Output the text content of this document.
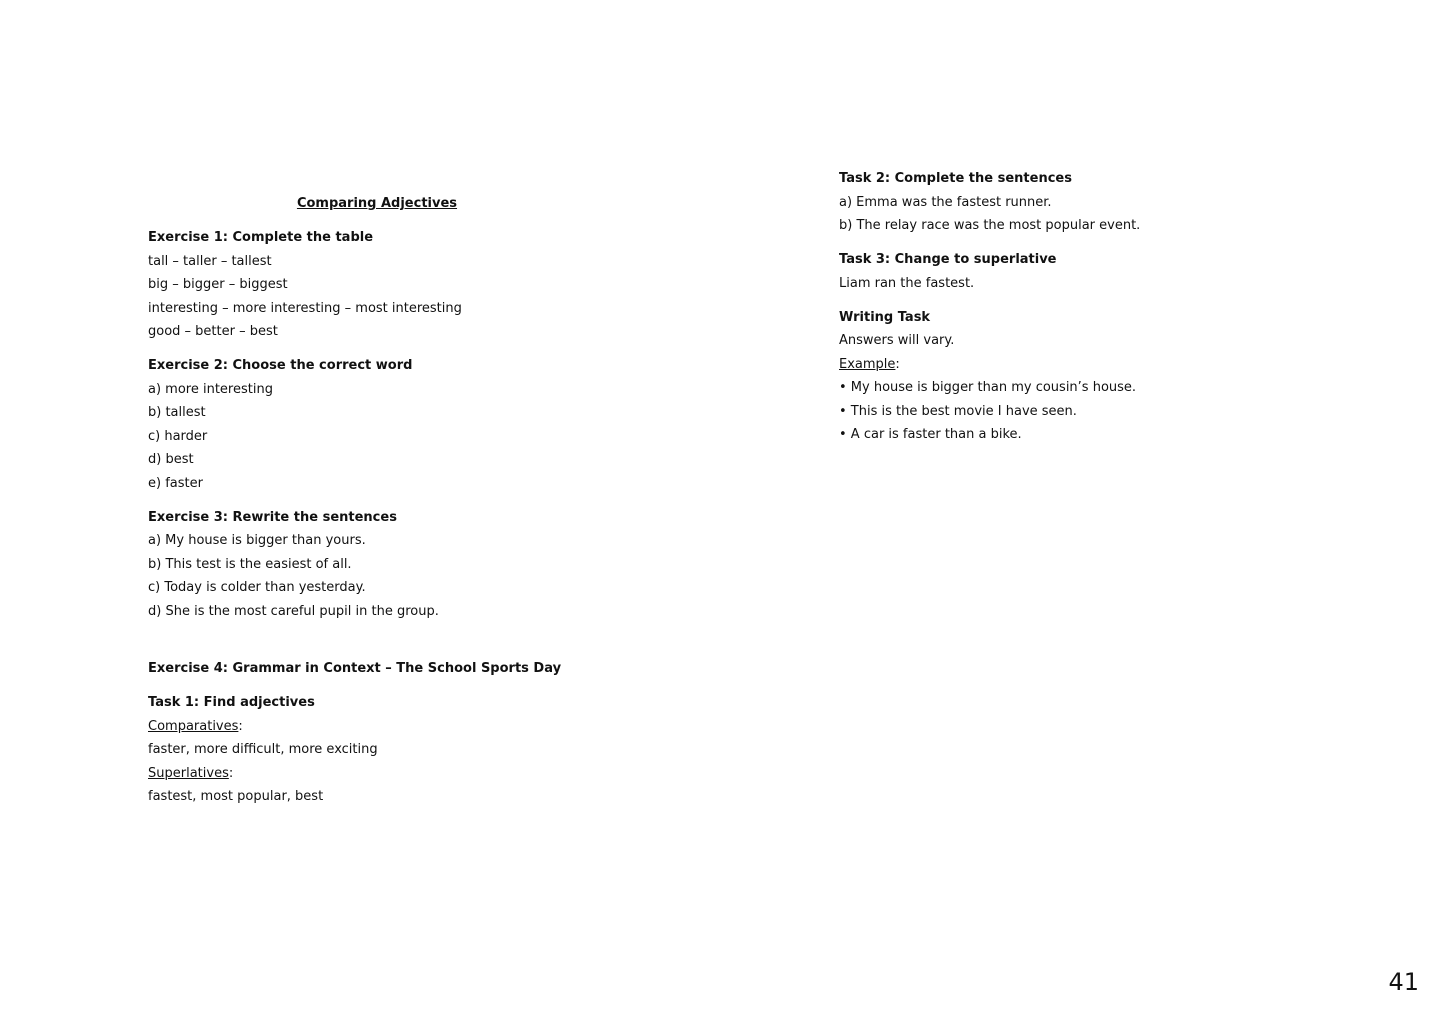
Comparing Adjectives
Exercise 1: Complete the table
tall – taller – tallest
big – bigger – biggest
interesting – more interesting – most interesting
good – better – best
Exercise 2: Choose the correct word
a) more interesting
b) tallest
c) harder
d) best
e) faster
Exercise 3: Rewrite the sentences
a) My house is bigger than yours.
b) This test is the easiest of all.
c) Today is colder than yesterday.
d) She is the most careful pupil in the group.
Exercise 4: Grammar in Context – The School Sports Day
Task 1: Find adjectives
Comparatives:
faster, more difficult, more exciting
Superlatives:
fastest, most popular, best
Task 2: Complete the sentences
a) Emma was the fastest runner.
b) The relay race was the most popular event.
Task 3: Change to superlative
Liam ran the fastest.
Writing Task
Answers will vary.
Example:
• My house is bigger than my cousin’s house.
• This is the best movie I have seen.
• A car is faster than a bike.
41
